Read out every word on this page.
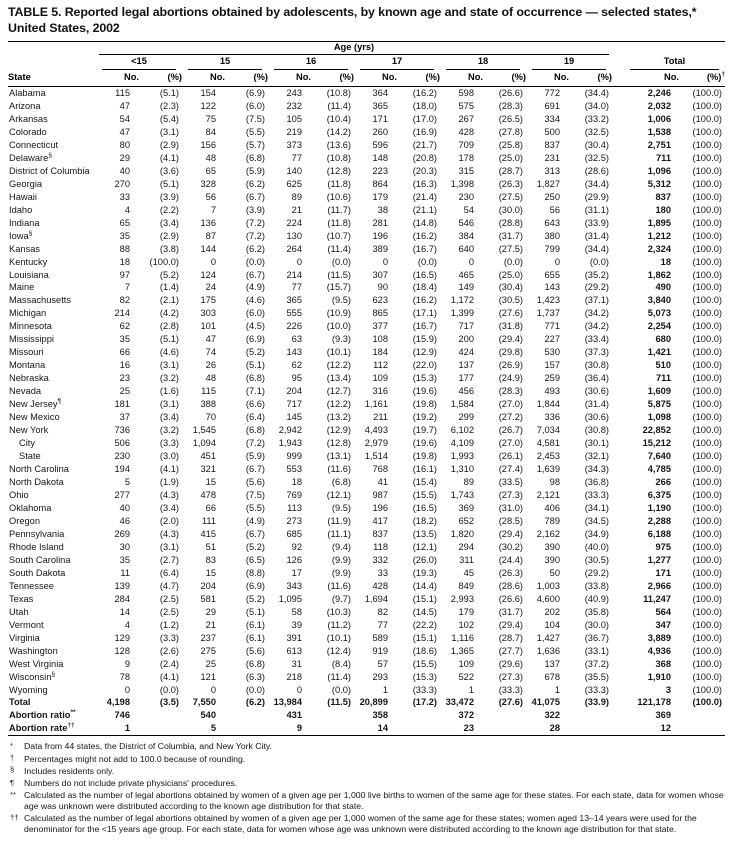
TABLE 5. Reported legal abortions obtained by adolescents, by known age and state of occurrence — selected states,* United States, 2002

	Age (yrs)														

	<15		15		16		17		18		19			Total	

State	No.	(%)	No.	(%)	No.	(%)	No.	(%)	No.	(%)	No.	(%)		No.	(%)†
Alabama	115	(5.1)	154	(6.9)	243	(10.8)	364	(16.2)	598	(26.6)	772	(34.4)		2,246	(100.0)
Arizona	47	(2.3)	122	(6.0)	232	(11.4)	365	(18.0)	575	(28.3)	691	(34.0)		2,032	(100.0)
Arkansas	54	(5.4)	75	(7.5)	105	(10.4)	171	(17.0)	267	(26.5)	334	(33.2)		1,006	(100.0)
Colorado	47	(3.1)	84	(5.5)	219	(14.2)	260	(16.9)	428	(27.8)	500	(32.5)		1,538	(100.0)
Connecticut	80	(2.9)	156	(5.7)	373	(13.6)	596	(21.7)	709	(25.8)	837	(30.4)		2,751	(100.0)
Delaware§	29	(4.1)	48	(6.8)	77	(10.8)	148	(20.8)	178	(25.0)	231	(32.5)		711	(100.0)
District of Columbia	40	(3.6)	65	(5.9)	140	(12.8)	223	(20.3)	315	(28.7)	313	(28.6)		1,096	(100.0)
Georgia	270	(5.1)	328	(6.2)	625	(11.8)	864	(16.3)	1,398	(26.3)	1,827	(34.4)		5,312	(100.0)
Hawaii	33	(3.9)	56	(6.7)	89	(10.6)	179	(21.4)	230	(27.5)	250	(29.9)		837	(100.0)
Idaho	4	(2.2)	7	(3.9)	21	(11.7)	38	(21.1)	54	(30.0)	56	(31.1)		180	(100.0)
Indiana	65	(3.4)	136	(7.2)	224	(11.8)	281	(14.8)	546	(28.8)	643	(33.9)		1,895	(100.0)
Iowa§	35	(2.9)	87	(7.2)	130	(10.7)	196	(16.2)	384	(31.7)	380	(31.4)		1,212	(100.0)
Kansas	88	(3.8)	144	(6.2)	264	(11.4)	389	(16.7)	640	(27.5)	799	(34.4)		2,324	(100.0)
Kentucky	18	(100.0)	0	(0.0)	0	(0.0)	0	(0.0)	0	(0.0)	0	(0.0)		18	(100.0)
Louisiana	97	(5.2)	124	(6.7)	214	(11.5)	307	(16.5)	465	(25.0)	655	(35.2)		1,862	(100.0)
Maine	7	(1.4)	24	(4.9)	77	(15.7)	90	(18.4)	149	(30.4)	143	(29.2)		490	(100.0)
Massachusetts	82	(2.1)	175	(4.6)	365	(9.5)	623	(16.2)	1,172	(30.5)	1,423	(37.1)		3,840	(100.0)
Michigan	214	(4.2)	303	(6.0)	555	(10.9)	865	(17.1)	1,399	(27.6)	1,737	(34.2)		5,073	(100.0)
Minnesota	62	(2.8)	101	(4.5)	226	(10.0)	377	(16.7)	717	(31.8)	771	(34.2)		2,254	(100.0)
Mississippi	35	(5.1)	47	(6.9)	63	(9.3)	108	(15.9)	200	(29.4)	227	(33.4)		680	(100.0)
Missouri	66	(4.6)	74	(5.2)	143	(10.1)	184	(12.9)	424	(29.8)	530	(37.3)		1,421	(100.0)
Montana	16	(3.1)	26	(5.1)	62	(12.2)	112	(22.0)	137	(26.9)	157	(30.8)		510	(100.0)
Nebraska	23	(3.2)	48	(6.8)	95	(13.4)	109	(15.3)	177	(24.9)	259	(36.4)		711	(100.0)
Nevada	25	(1.6)	115	(7.1)	204	(12.7)	316	(19.6)	456	(28.3)	493	(30.6)		1,609	(100.0)
New Jersey¶	181	(3.1)	388	(6.6)	717	(12.2)	1,161	(19.8)	1,584	(27.0)	1,844	(31.4)		5,875	(100.0)
New Mexico	37	(3.4)	70	(6.4)	145	(13.2)	211	(19.2)	299	(27.2)	336	(30.6)		1,098	(100.0)
New York	736	(3.2)	1,545	(6.8)	2,942	(12.9)	4,493	(19.7)	6,102	(26.7)	7,034	(30.8)		22,852	(100.0)
City	506	(3.3)	1,094	(7.2)	1,943	(12.8)	2,979	(19.6)	4,109	(27.0)	4,581	(30.1)		15,212	(100.0)
State	230	(3.0)	451	(5.9)	999	(13.1)	1,514	(19.8)	1,993	(26.1)	2,453	(32.1)		7,640	(100.0)
North Carolina	194	(4.1)	321	(6.7)	553	(11.6)	768	(16.1)	1,310	(27.4)	1,639	(34.3)		4,785	(100.0)
North Dakota	5	(1.9)	15	(5.6)	18	(6.8)	41	(15.4)	89	(33.5)	98	(36.8)		266	(100.0)
Ohio	277	(4.3)	478	(7.5)	769	(12.1)	987	(15.5)	1,743	(27.3)	2,121	(33.3)		6,375	(100.0)
Oklahoma	40	(3.4)	66	(5.5)	113	(9.5)	196	(16.5)	369	(31.0)	406	(34.1)		1,190	(100.0)
Oregon	46	(2.0)	111	(4.9)	273	(11.9)	417	(18.2)	652	(28.5)	789	(34.5)		2,288	(100.0)
Pennsylvania	269	(4.3)	415	(6.7)	685	(11.1)	837	(13.5)	1,820	(29.4)	2,162	(34.9)		6,188	(100.0)
Rhode Island	30	(3.1)	51	(5.2)	92	(9.4)	118	(12.1)	294	(30.2)	390	(40.0)		975	(100.0)
South Carolina	35	(2.7)	83	(6.5)	126	(9.9)	332	(26.0)	311	(24.4)	390	(30.5)		1,277	(100.0)
South Dakota	11	(6.4)	15	(8.8)	17	(9.9)	33	(19.3)	45	(26.3)	50	(29.2)		171	(100.0)
Tennessee	139	(4.7)	204	(6.9)	343	(11.6)	428	(14.4)	849	(28.6)	1,003	(33.8)		2,966	(100.0)
Texas	284	(2.5)	581	(5.2)	1,095	(9.7)	1,694	(15.1)	2,993	(26.6)	4,600	(40.9)		11,247	(100.0)
Utah	14	(2.5)	29	(5.1)	58	(10.3)	82	(14.5)	179	(31.7)	202	(35.8)		564	(100.0)
Vermont	4	(1.2)	21	(6.1)	39	(11.2)	77	(22.2)	102	(29.4)	104	(30.0)		347	(100.0)
Virginia	129	(3.3)	237	(6.1)	391	(10.1)	589	(15.1)	1,116	(28.7)	1,427	(36.7)		3,889	(100.0)
Washington	128	(2.6)	275	(5.6)	613	(12.4)	919	(18.6)	1,365	(27.7)	1,636	(33.1)		4,936	(100.0)
West Virginia	9	(2.4)	25	(6.8)	31	(8.4)	57	(15.5)	109	(29.6)	137	(37.2)		368	(100.0)
Wisconsin§	78	(4.1)	121	(6.3)	218	(11.4)	293	(15.3)	522	(27.3)	678	(35.5)		1,910	(100.0)
Wyoming	0	(0.0)	0	(0.0)	0	(0.0)	1	(33.3)	1	(33.3)	1	(33.3)		3	(100.0)
Total	4,198	(3.5)	7,550	(6.2)	13,984	(11.5)	20,899	(17.2)	33,472	(27.6)	41,075	(33.9)		121,178	(100.0)
Abortion ratio**	746		540		431		358		372		322			369	
Abortion rate††	1		5		9		14		23		28			12	
*	Data from 44 states, the District of Columbia, and New York City.
†	Percentages might not add to 100.0 because of rounding.
§	Includes residents only.
¶	Numbers do not include private physicians' procedures.
** Calculated as the number of legal abortions obtained by women of a given age per 1,000 live births to women of the same age for these states. For each state, data for women whose age was unknown were distributed according to the known age distribution for that state.
†† Calculated as the number of legal abortions obtained by women of a given age per 1,000 women of the same age for these states; women aged 13–14 years were used for the denominator for the <15 years age group. For each state, data for women whose age was unknown were distributed according to the known age distribution for that state.
